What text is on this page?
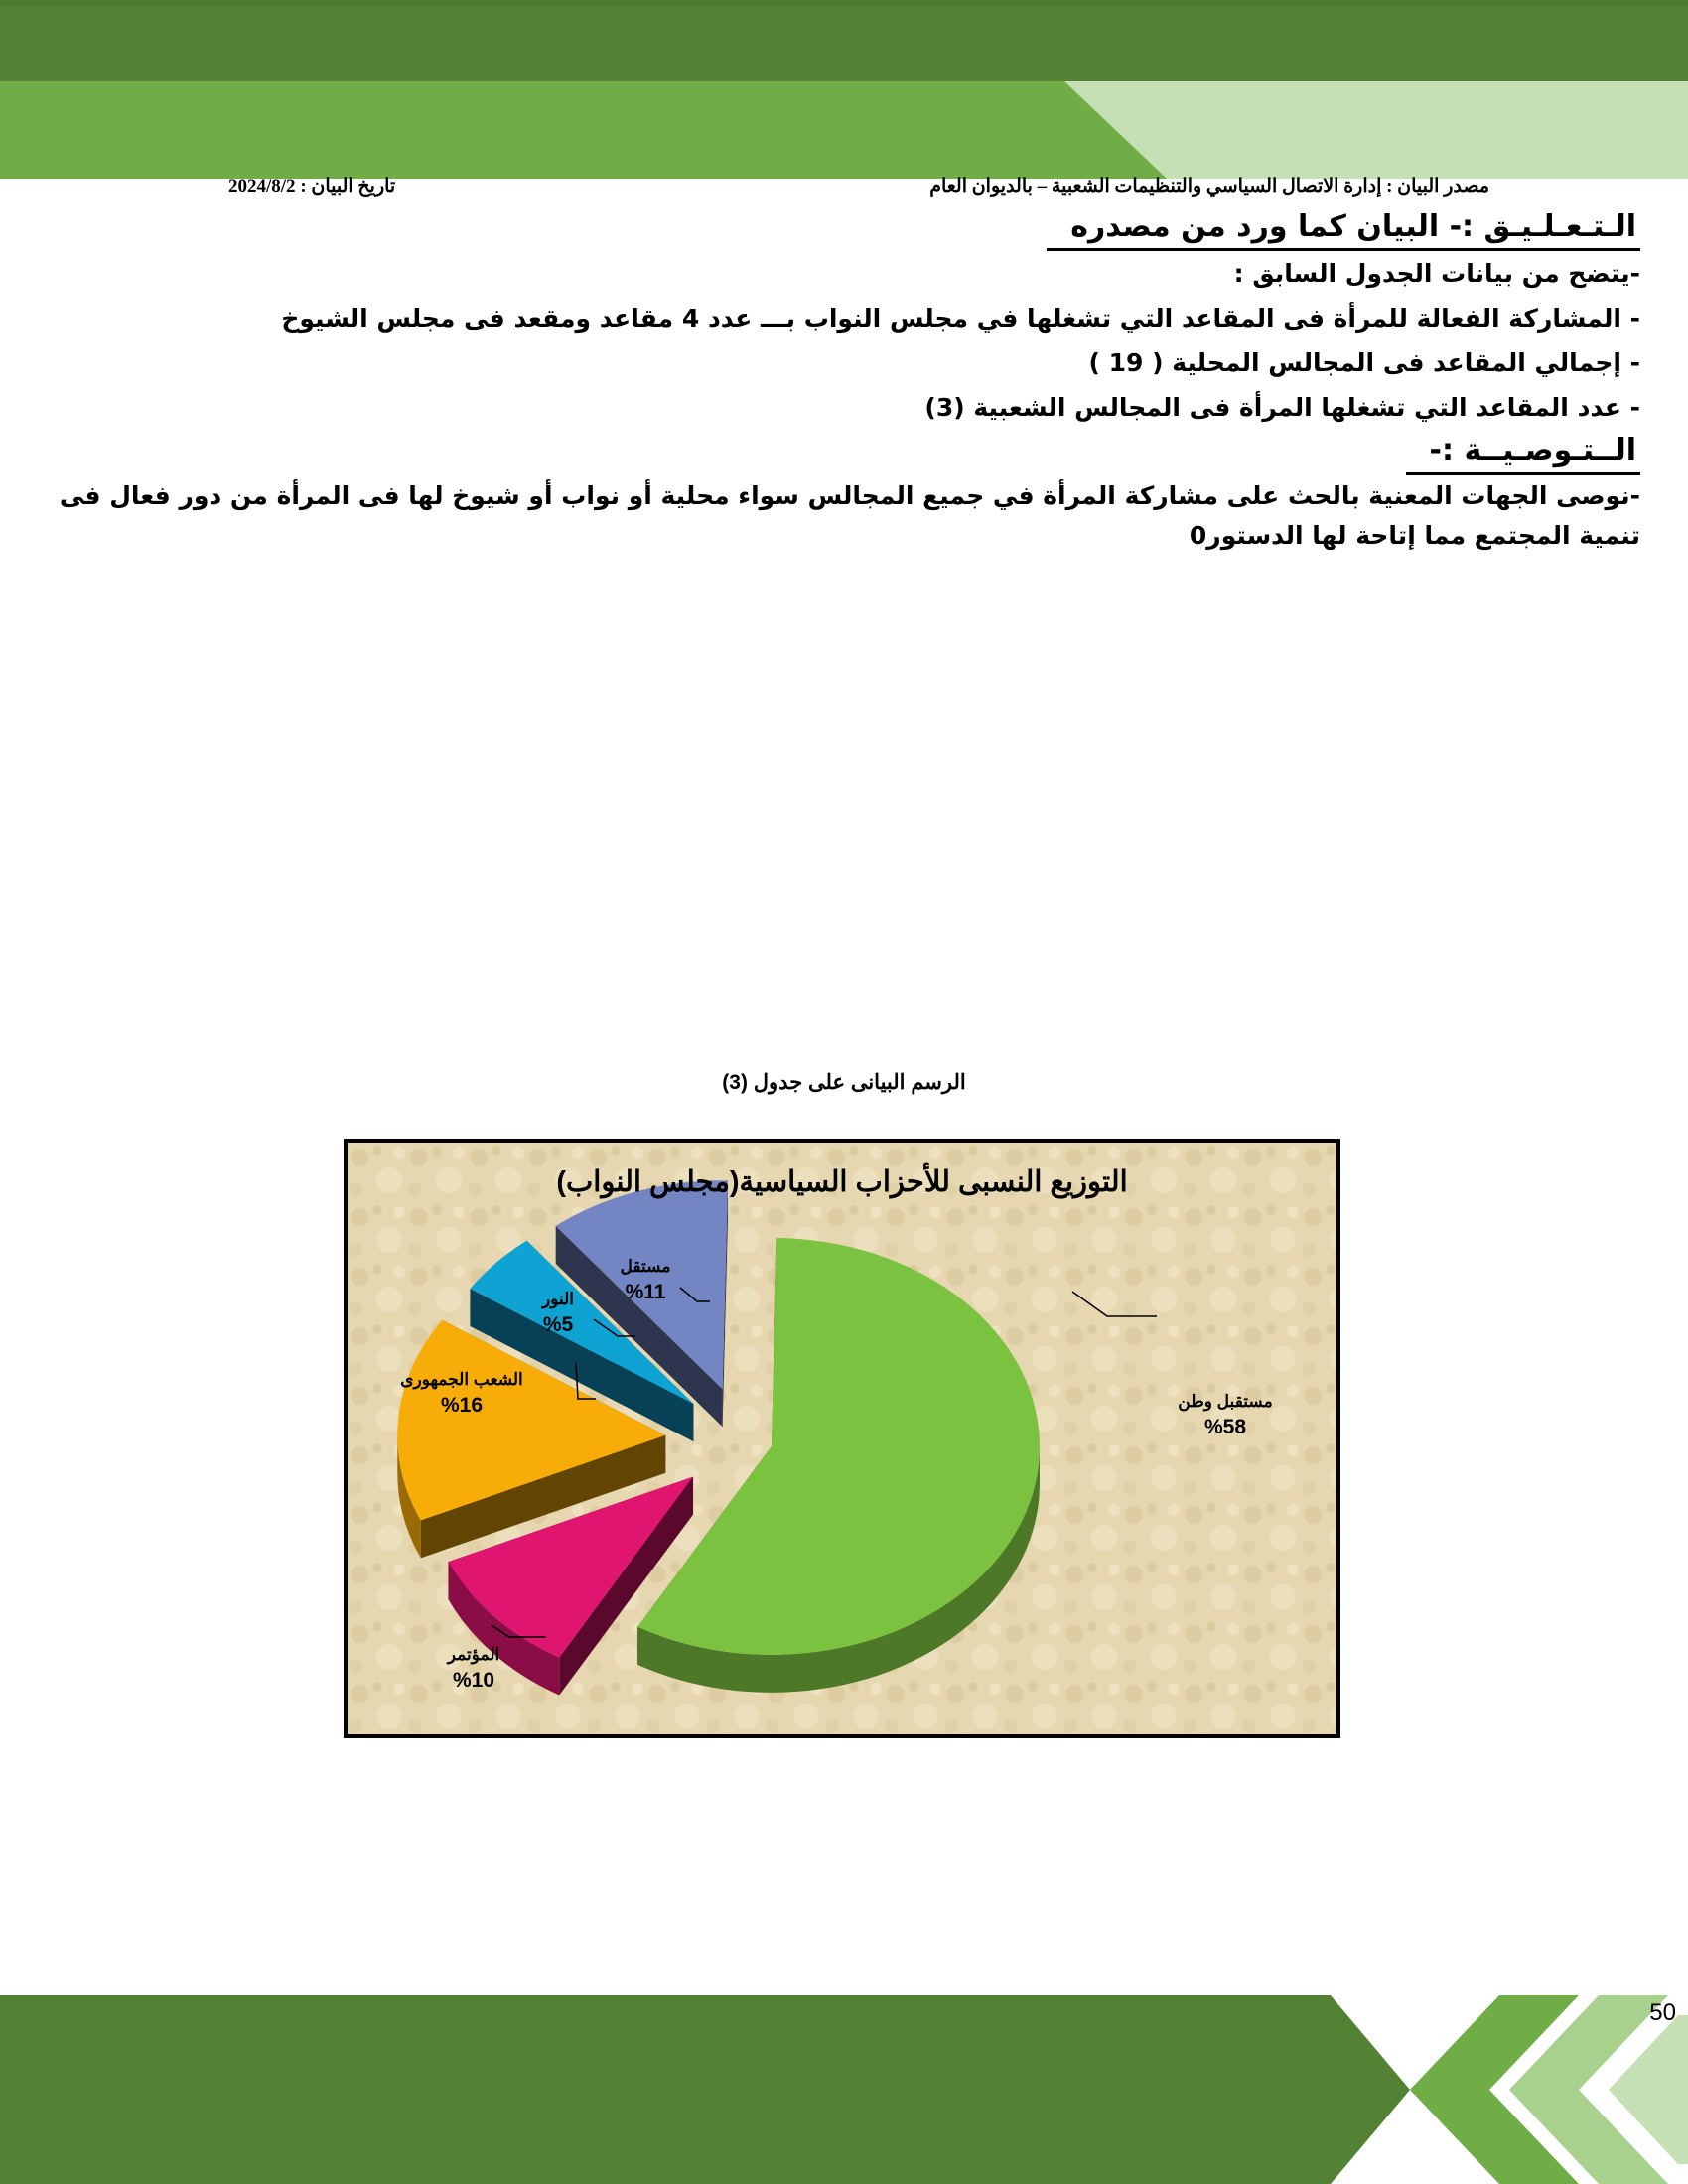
مصدر البيان : إدارة الاتصال السياسي والتنظيمات الشعبية – بالديوان العام
تاريخ البيان : 2024/8/2
الـتـعـلـيـق :- البيان كما ورد من مصدره
-يتضح من بيانات الجدول السابق :
- المشاركة الفعالة للمرأة فى المقاعد التي تشغلها في مجلس النواب بـــ عدد 4 مقاعد ومقعد فى مجلس الشيوخ
- إجمالي المقاعد فى المجالس المحلية ( 19 )
- عدد المقاعد التي تشغلها المرأة فى المجالس الشعبية (3)
الــتـوصـيــة :-
-نوصى الجهات المعنية بالحث على مشاركة المرأة في جميع المجالس سواء محلية أو نواب أو شيوخ لها فى المرأة من دور فعال فى تنمية المجتمع مما إتاحة لها الدستور0
الرسم البيانى على جدول (3)
التوزيع النسبى للأحزاب السياسية(مجلس النواب)
مستقبل وطن
%58
المؤتمر
%10
الشعب الجمهورى
%16
النور
%5
مستقل
%11
50
